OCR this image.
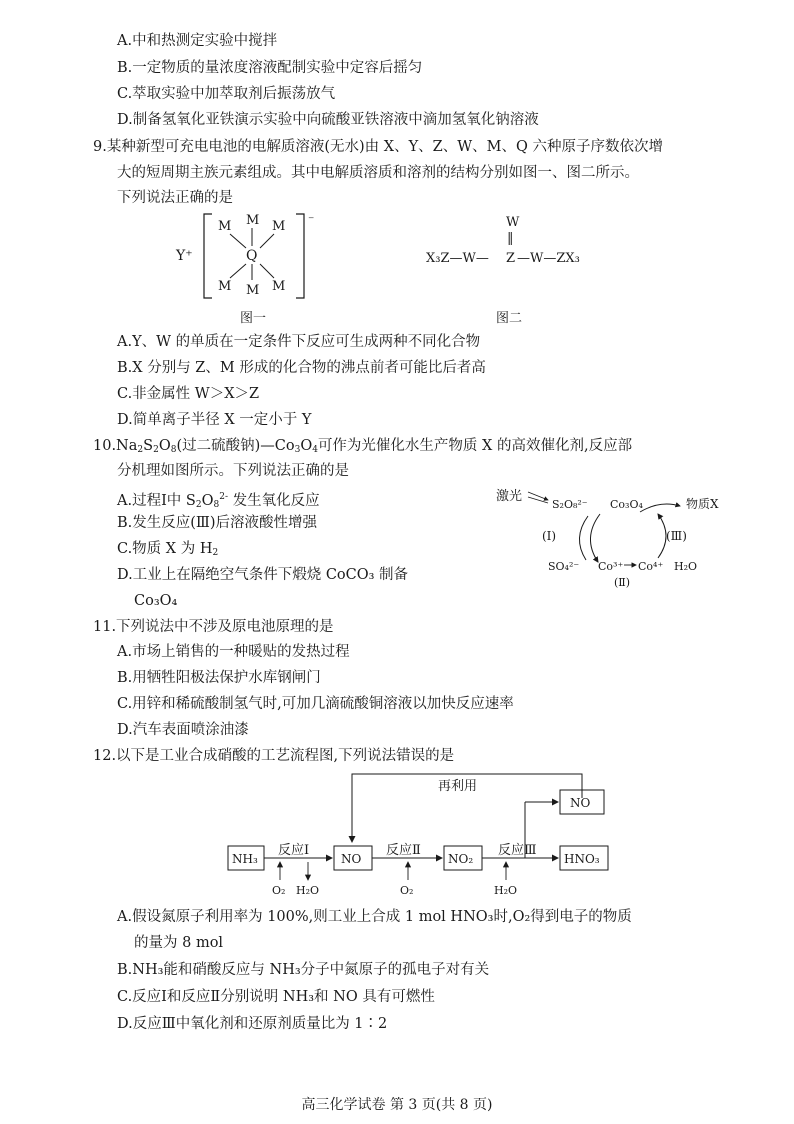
A.中和热测定实验中搅拌
B.一定物质的量浓度溶液配制实验中定容后摇匀
C.萃取实验中加萃取剂后振荡放气
D.制备氢氧化亚铁演示实验中向硫酸亚铁溶液中滴加氢氧化钠溶液
9.某种新型可充电电池的电解质溶液(无水)由 X、Y、Z、W、M、Q 六种原子序数依次增
大的短周期主族元素组成。其中电解质溶质和溶剂的结构分别如图一、图二所示。
下列说法正确的是
Y⁺
⁻
M M M
Q
M M M
图一
W
‖
X₃Z—W— Z —W—ZX₃
图二
A.Y、W 的单质在一定条件下反应可生成两种不同化合物
B.X 分别与 Z、M 形成的化合物的沸点前者可能比后者高
C.非金属性 W＞X＞Z
D.简单离子半径 X 一定小于 Y
$10.Na_2S_2O_8$(过二硫酸钠)$—Co_3O_4$可作为光催化水生产物质 X 的高效催化剂,反应部
分机理如图所示。下列说法正确的是
A.过程Ⅰ中 $S_2O_8^{2-}$ 发生氧化反应
B.发生反应(Ⅲ)后溶液酸性增强
C.物质 X 为 $H_2$
D.工业上在隔绝空气条件下煅烧 CoCO₃ 制备
Co₃O₄
激光
S₂O₈²⁻ Co₃O₄	物质X
(Ⅰ)	(Ⅲ)
SO₄²⁻ Co³⁺ Co⁴⁺ H₂O
(Ⅱ)
11.下列说法中不涉及原电池原理的是
A.市场上销售的一种暖贴的发热过程
B.用牺牲阳极法保护水库钢闸门
C.用锌和稀硫酸制氢气时,可加几滴硫酸铜溶液以加快反应速率
D.汽车表面喷涂油漆
12.以下是工业合成硝酸的工艺流程图,下列说法错误的是
再利用
NO
NH₃	NO	NO₂	HNO₃
反应Ⅰ	反应Ⅱ	反应Ⅲ
O₂ H₂O	O₂	H₂O
A.假设氮原子利用率为 100%,则工业上合成 1 mol HNO₃时,O₂得到电子的物质
的量为 8 mol
B.NH₃能和硝酸反应与 NH₃分子中氮原子的孤电子对有关
C.反应Ⅰ和反应Ⅱ分别说明 NH₃和 NO 具有可燃性
D.反应Ⅲ中氧化剂和还原剂质量比为 1∶2
高三化学试卷 第 3 页(共 8 页)
